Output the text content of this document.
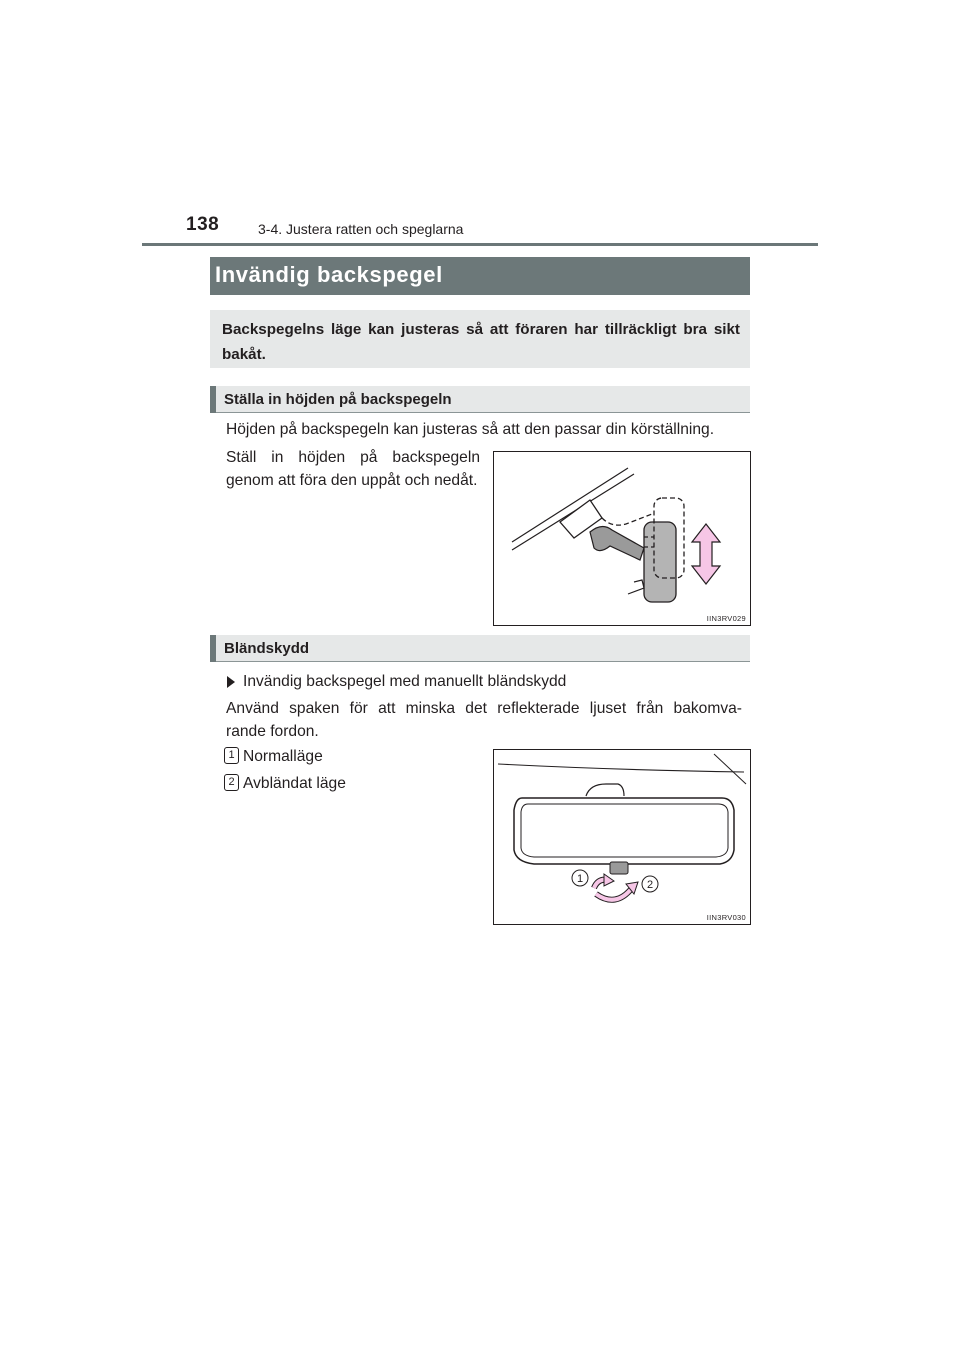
138	3-4. Justera ratten och speglarna
Invändig backspegel
Backspegelns läge kan justeras så att föraren har tillräckligt bra sikt bakåt.
Ställa in höjden på backspegeln
Höjden på backspegeln kan justeras så att den passar din körställning.
Ställ in höjden på backspegeln
genom att föra den uppåt och nedåt.
IIN3RV029
Bländskydd
Invändig backspegel med manuellt bländskydd
Använd spaken för att minska det reflekterade ljuset från bakomva-
rande fordon.
1 Normalläge
2 Avbländat läge
1	2
IIN3RV030
